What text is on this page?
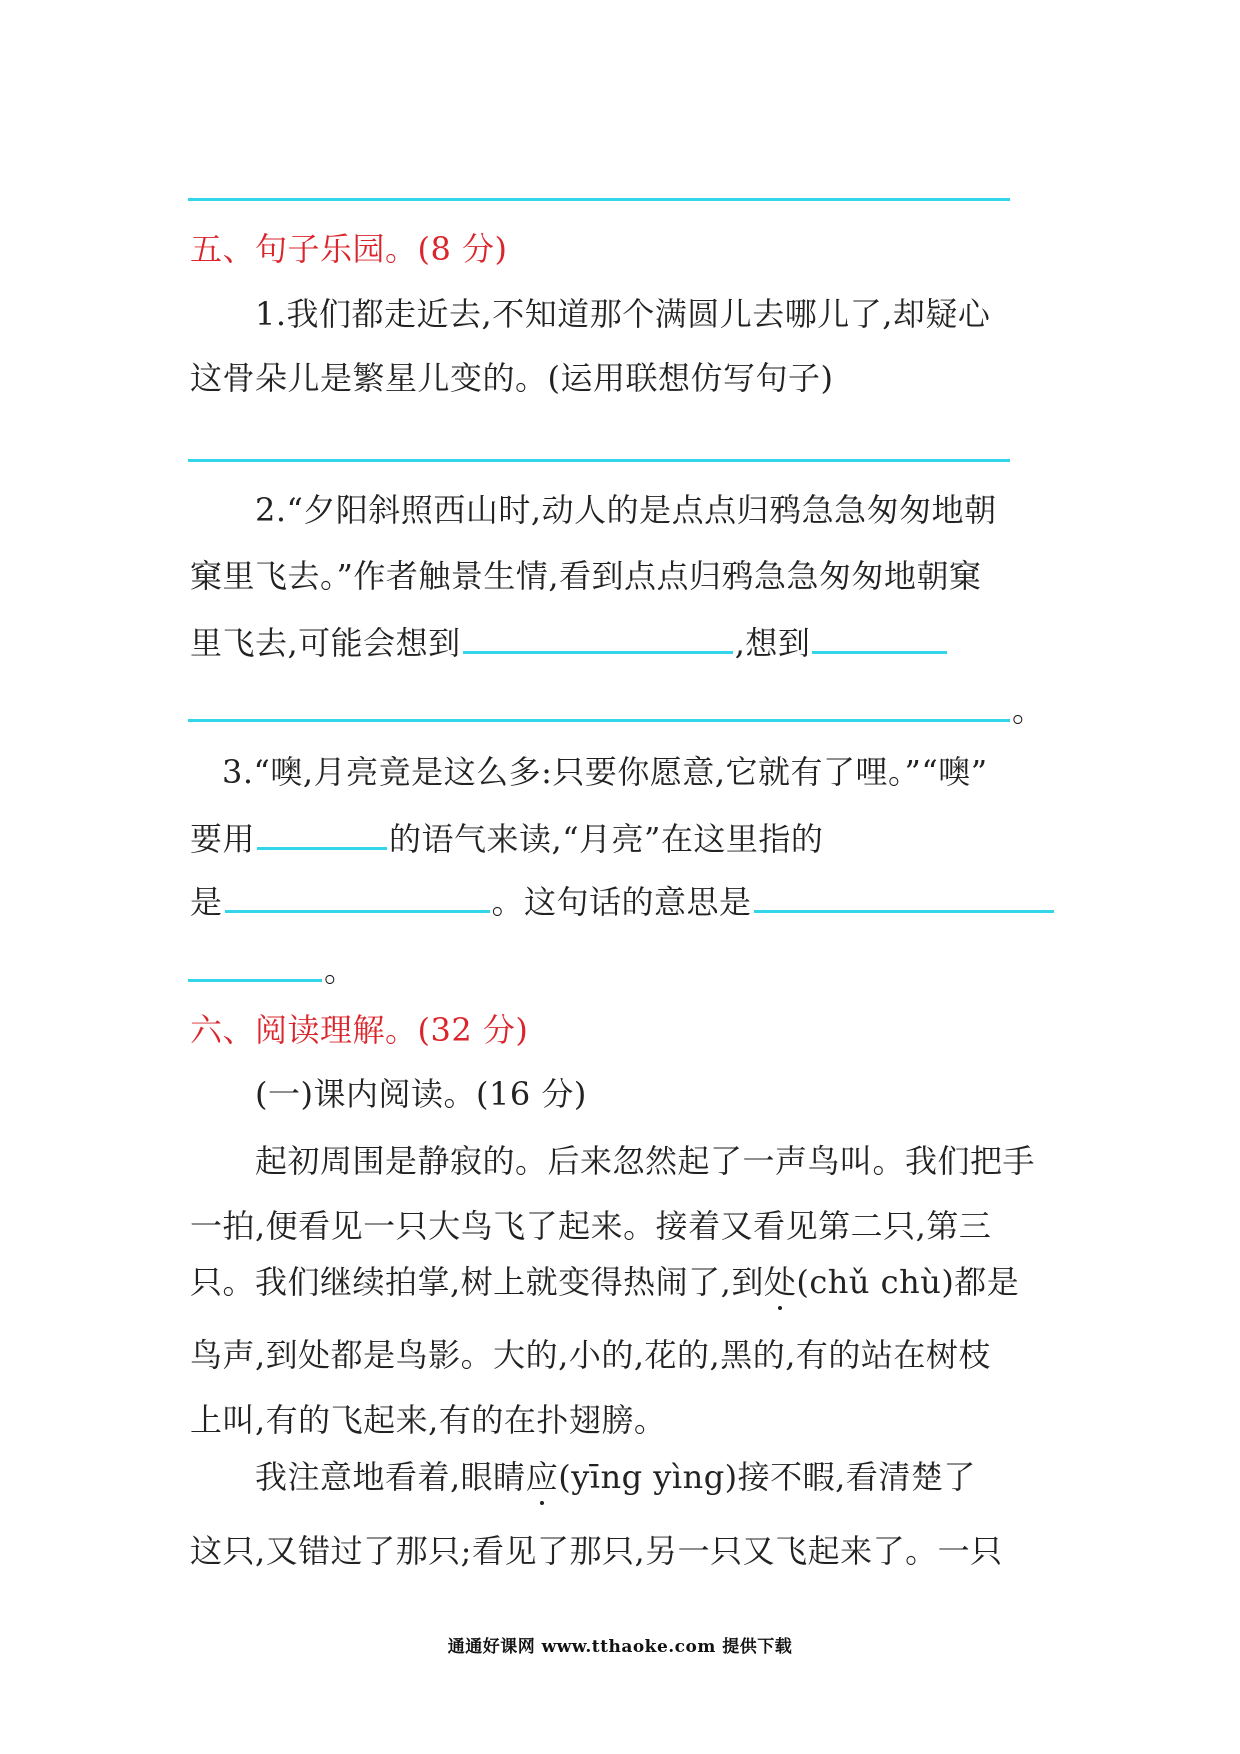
五、句子乐园。(8 分)
1.我们都走近去,不知道那个满圆儿去哪儿了,却疑心
这骨朵儿是繁星儿变的。(运用联想仿写句子)
2.“夕阳斜照西山时,动人的是点点归鸦急急匆匆地朝
窠里飞去。”作者触景生情,看到点点归鸦急急匆匆地朝窠
里飞去,可能会想到	,想到
。
3.“噢,月亮竟是这么多:只要你愿意,它就有了哩。”“噢”
要用	的语气来读,“月亮”在这里指的
是	。这句话的意思是
。
六、阅读理解。(32 分)
(一)课内阅读。(16 分)
起初周围是静寂的。后来忽然起了一声鸟叫。我们把手
一拍,便看见一只大鸟飞了起来。接着又看见第二只,第三
只。我们继续拍掌,树上就变得热闹了,到处(chǔ chù)都是
鸟声,到处都是鸟影。大的,小的,花的,黑的,有的站在树枝
上叫,有的飞起来,有的在扑翅膀。
我注意地看着,眼睛应(yīng yìng)接不暇,看清楚了
这只,又错过了那只;看见了那只,另一只又飞起来了。一只
通通好课网 www.tthaoke.com 提供下载
